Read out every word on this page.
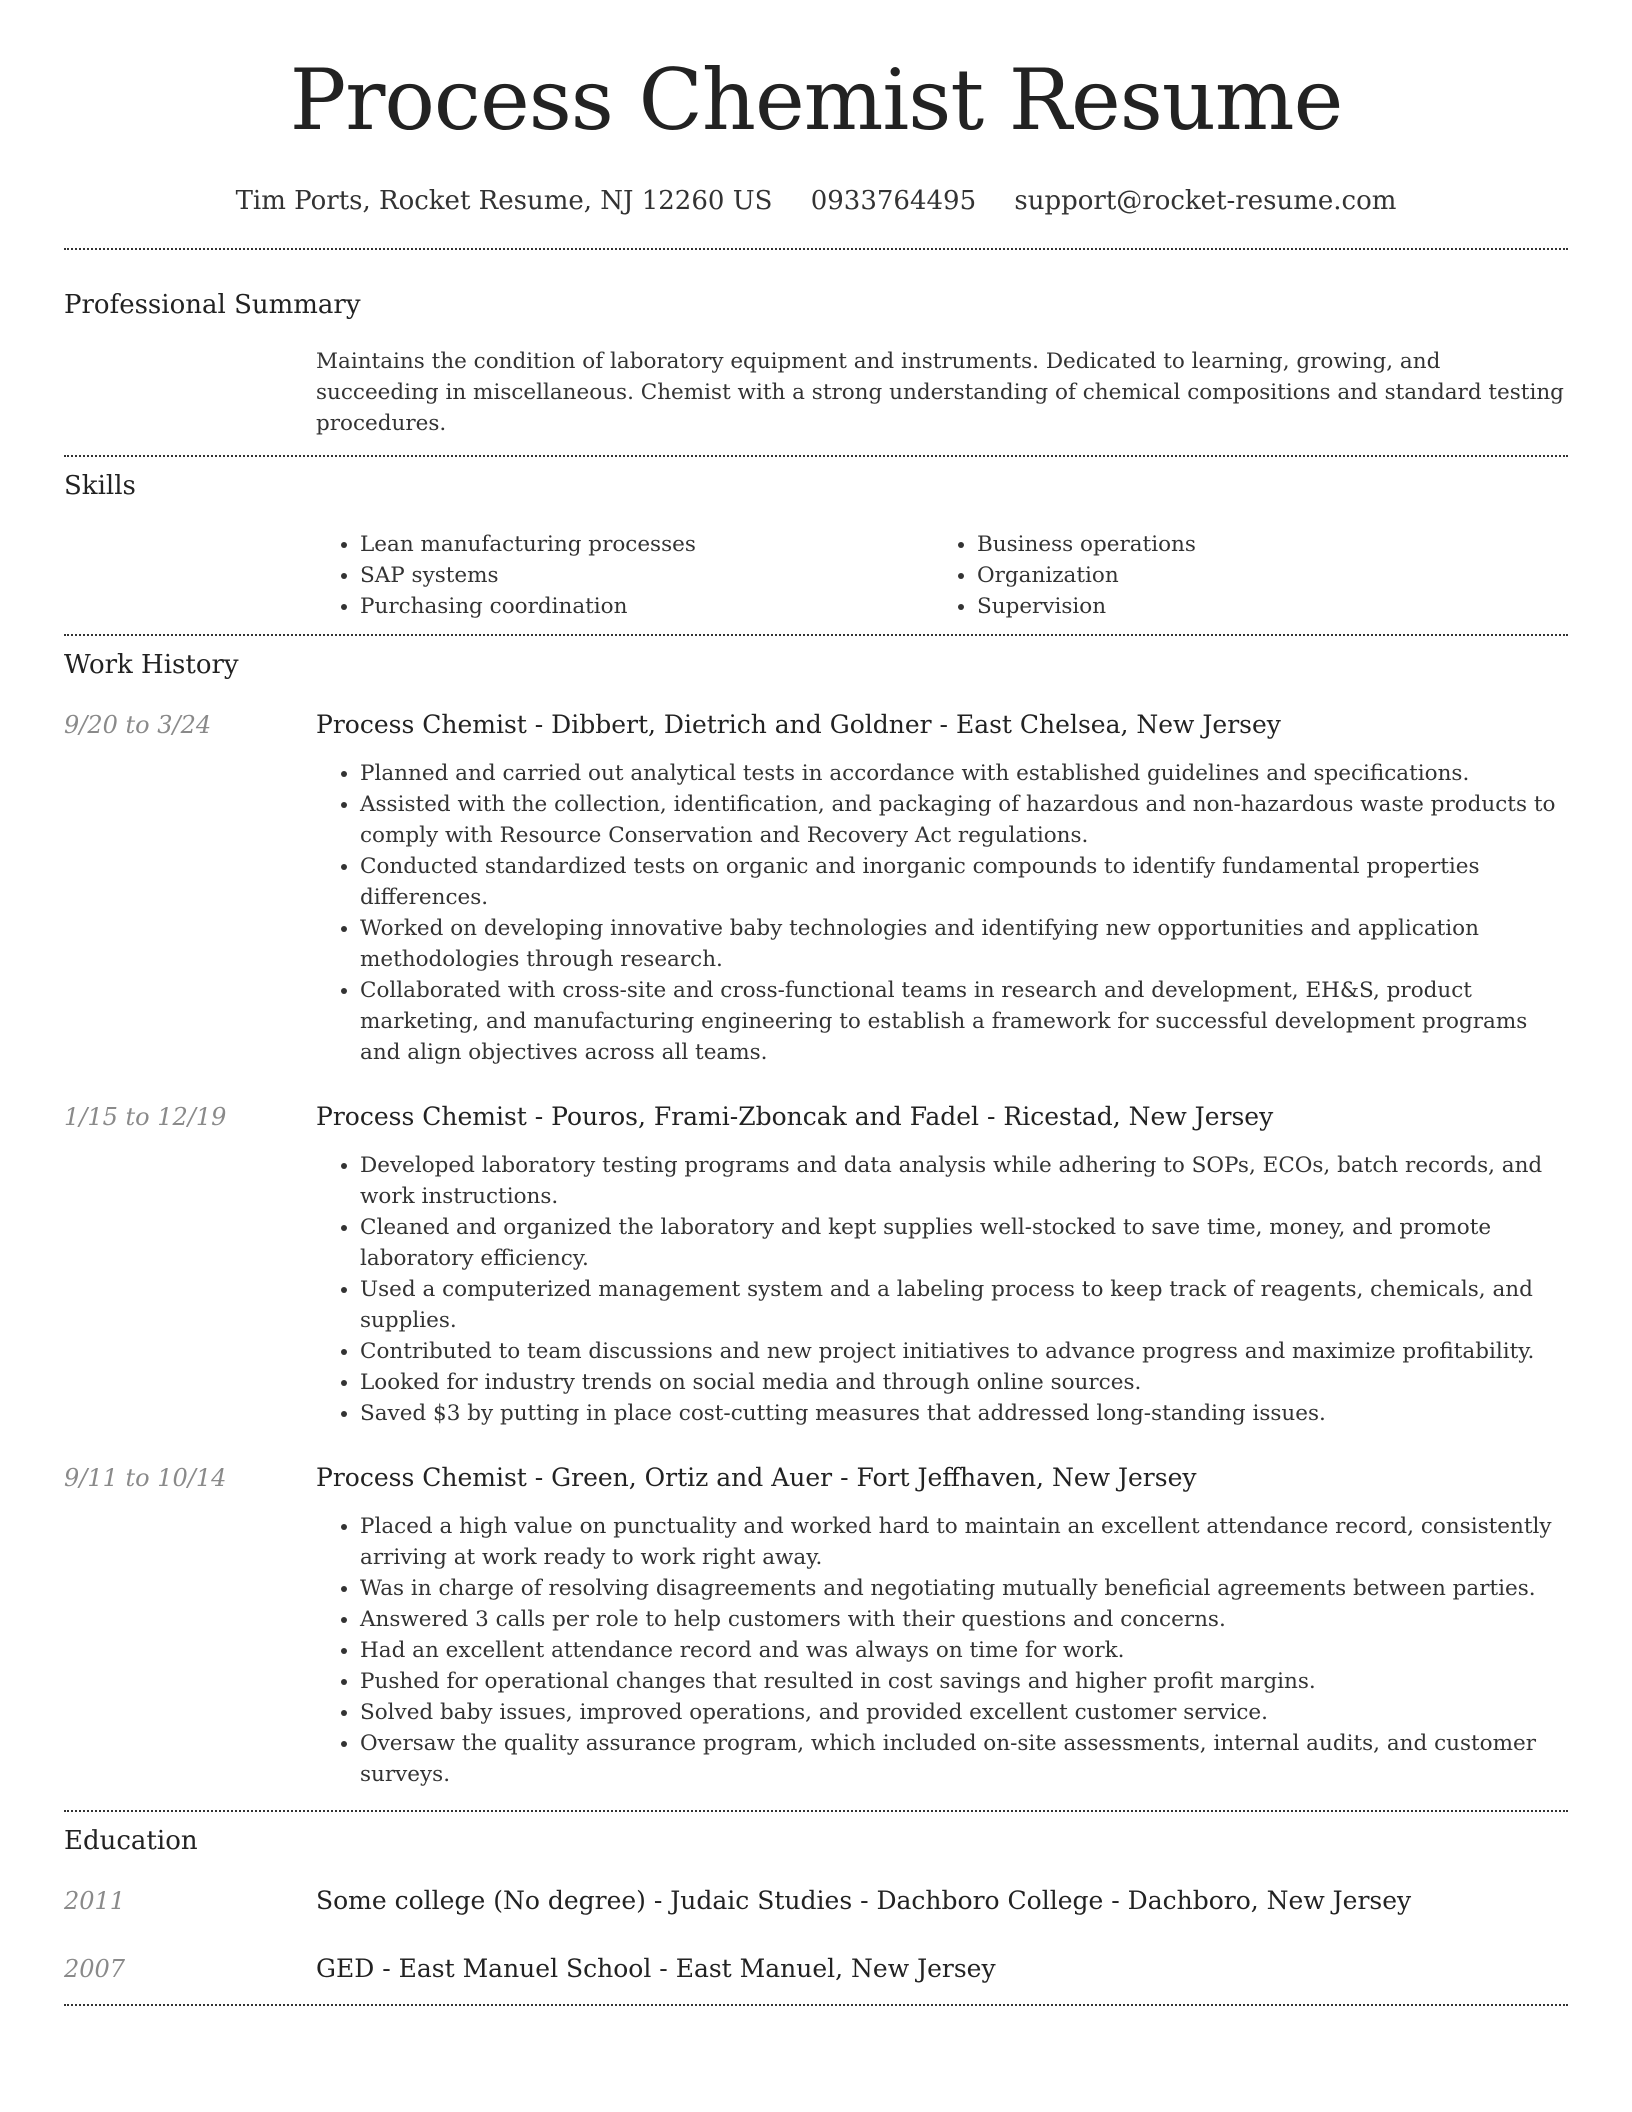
Process Chemist Resume
Tim Ports, Rocket Resume, NJ 12260 US 0933764495 support@rocket-resume.com
Professional Summary
Maintains the condition of laboratory equipment and instruments. Dedicated to learning, growing, and succeeding in miscellaneous. Chemist with a strong understanding of chemical compositions and standard testing procedures.
Skills
• Lean manufacturing processes
• SAP systems
• Purchasing coordination
• Business operations
• Organization
• Supervision
Work History
9/20 to 3/24	Process Chemist - Dibbert, Dietrich and Goldner - East Chelsea, New Jersey
• Planned and carried out analytical tests in accordance with established guidelines and specifications.
• Assisted with the collection, identification, and packaging of hazardous and non-hazardous waste products to comply with Resource Conservation and Recovery Act regulations.
• Conducted standardized tests on organic and inorganic compounds to identify fundamental properties differences.
• Worked on developing innovative baby technologies and identifying new opportunities and application methodologies through research.
• Collaborated with cross-site and cross-functional teams in research and development, EH&S, product marketing, and manufacturing engineering to establish a framework for successful development programs and align objectives across all teams.
1/15 to 12/19	Process Chemist - Pouros, Frami-Zboncak and Fadel - Ricestad, New Jersey
• Developed laboratory testing programs and data analysis while adhering to SOPs, ECOs, batch records, and work instructions.
• Cleaned and organized the laboratory and kept supplies well-stocked to save time, money, and promote laboratory efficiency.
• Used a computerized management system and a labeling process to keep track of reagents, chemicals, and supplies.
• Contributed to team discussions and new project initiatives to advance progress and maximize profitability.
• Looked for industry trends on social media and through online sources.
• Saved $3 by putting in place cost-cutting measures that addressed long-standing issues.
9/11 to 10/14	Process Chemist - Green, Ortiz and Auer - Fort Jeffhaven, New Jersey
• Placed a high value on punctuality and worked hard to maintain an excellent attendance record, consistently arriving at work ready to work right away.
• Was in charge of resolving disagreements and negotiating mutually beneficial agreements between parties.
• Answered 3 calls per role to help customers with their questions and concerns.
• Had an excellent attendance record and was always on time for work.
• Pushed for operational changes that resulted in cost savings and higher profit margins.
• Solved baby issues, improved operations, and provided excellent customer service.
• Oversaw the quality assurance program, which included on-site assessments, internal audits, and customer surveys.
Education
2011	Some college (No degree) - Judaic Studies - Dachboro College - Dachboro, New Jersey
2007	GED - East Manuel School - East Manuel, New Jersey
